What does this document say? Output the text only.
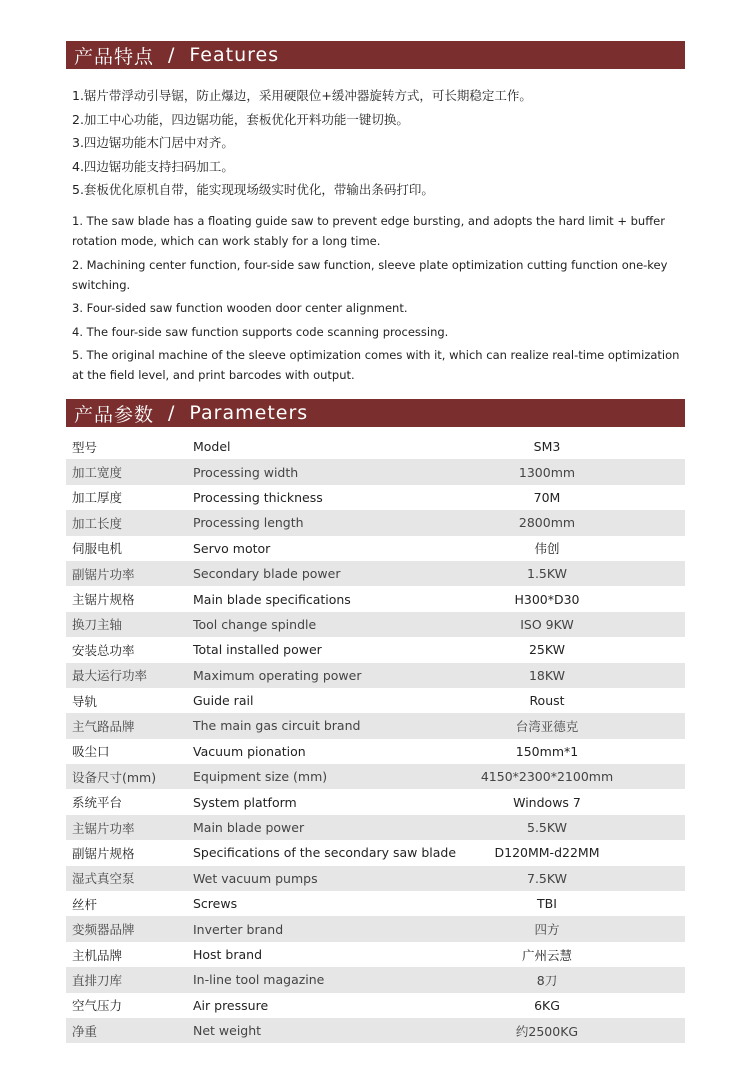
产品特点 / Features
1.锯片带浮动引导锯，防止爆边，采用硬限位+缓冲器旋转方式，可长期稳定工作。
2.加工中心功能，四边锯功能，套板优化开料功能一键切换。
3.四边锯功能木门居中对齐。
4.四边锯功能支持扫码加工。
5.套板优化原机自带，能实现现场级实时优化，带输出条码打印。
1. The saw blade has a floating guide saw to prevent edge bursting, and adopts the hard limit + buffer rotation mode, which can work stably for a long time.
2. Machining center function, four-side saw function, sleeve plate optimization cutting function one-key switching.
3. Four-sided saw function wooden door center alignment.
4. The four-side saw function supports code scanning processing.
5. The original machine of the sleeve optimization comes with it, which can realize real-time optimization at the field level, and print barcodes with output.
产品参数 / Parameters
型号	Model	SM3
加工宽度	Processing width	1300mm
加工厚度	Processing thickness	70M
加工长度	Processing length	2800mm
伺服电机	Servo motor	伟创
副锯片功率	Secondary blade power	1.5KW
主锯片规格	Main blade specifications	H300*D30
换刀主轴	Tool change spindle	ISO 9KW
安装总功率	Total installed power	25KW
最大运行功率	Maximum operating power	18KW
导轨	Guide rail	Roust
主气路品牌	The main gas circuit brand	台湾亚德克
吸尘口	Vacuum pionation	150mm*1
设备尺寸(mm)	Equipment size (mm)	4150*2300*2100mm
系统平台	System platform	Windows 7
主锯片功率	Main blade power	5.5KW
副锯片规格	Specifications of the secondary saw blade	D120MM-d22MM
湿式真空泵	Wet vacuum pumps	7.5KW
丝杆	Screws	TBI
变频器品牌	Inverter brand	四方
主机品牌	Host brand	广州云慧
直排刀库	In-line tool magazine	8刀
空气压力	Air pressure	6KG
净重	Net weight	约2500KG
